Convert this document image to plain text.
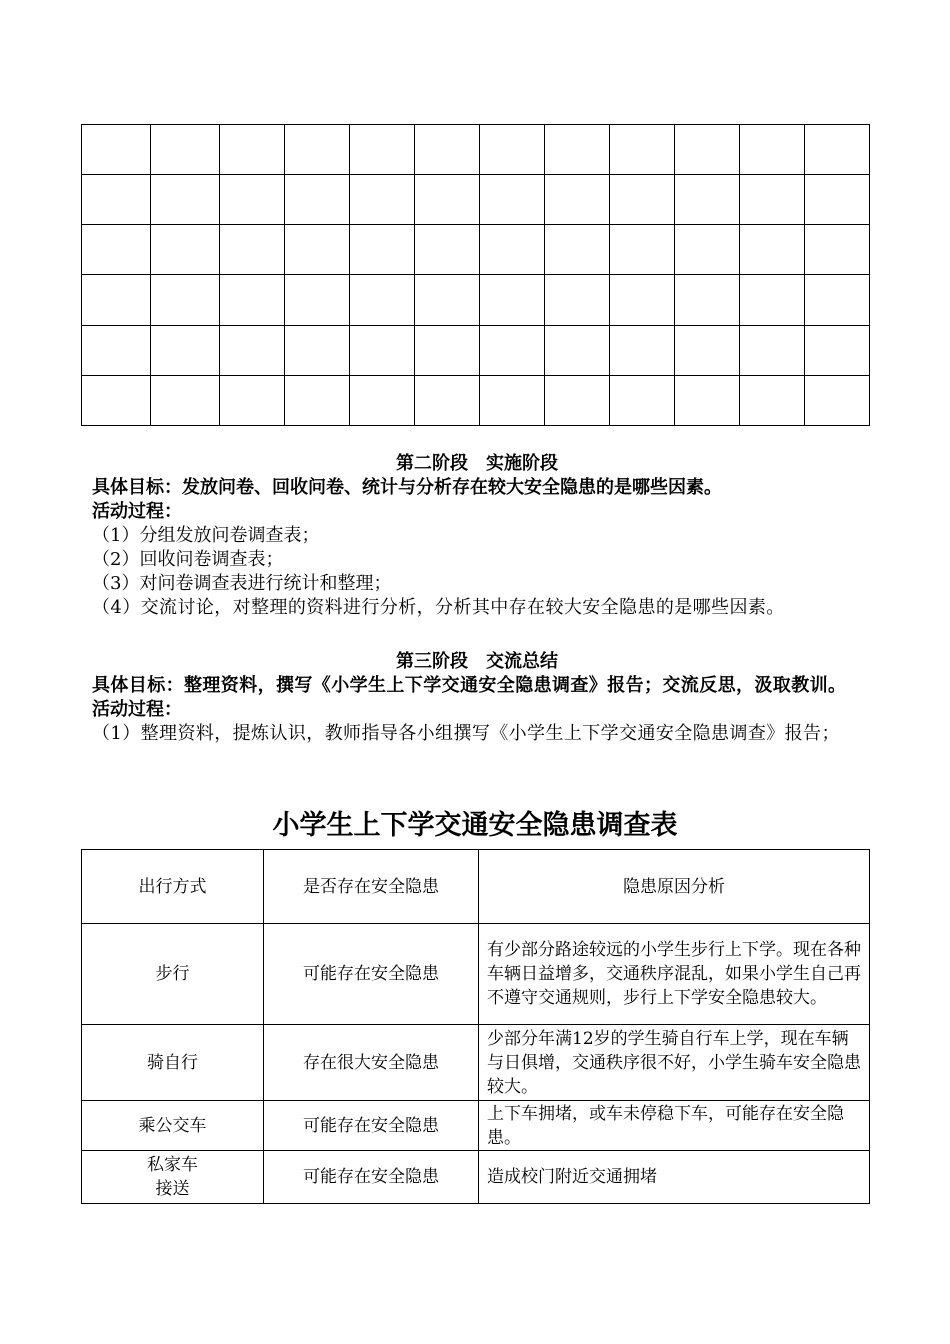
第二阶段　实施阶段
具体目标：发放问卷、回收问卷、统计与分析存在较大安全隐患的是哪些因素。
活动过程：
（1）分组发放问卷调查表；
（2）回收问卷调查表；
（3）对问卷调查表进行统计和整理；
（4）交流讨论，对整理的资料进行分析，分析其中存在较大安全隐患的是哪些因素。
第三阶段　交流总结
具体目标：整理资料，撰写《小学生上下学交通安全隐患调查》报告；交流反思，汲取教训。
活动过程：
（1）整理资料，提炼认识，教师指导各小组撰写《小学生上下学交通安全隐患调查》报告；
小学生上下学交通安全隐患调查表
出行方式	是否存在安全隐患	隐患原因分析
步行	可能存在安全隐患	有少部分路途较远的小学生步行上下学。现在各种车辆日益增多，交通秩序混乱，如果小学生自己再不遵守交通规则，步行上下学安全隐患较大。
骑自行	存在很大安全隐患	少部分年满12岁的学生骑自行车上学，现在车辆与日俱增，交通秩序很不好，小学生骑车安全隐患较大。
乘公交车	可能存在安全隐患	上下车拥堵，或车未停稳下车，可能存在安全隐患。

私家车
接送	可能存在安全隐患	造成校门附近交通拥堵
